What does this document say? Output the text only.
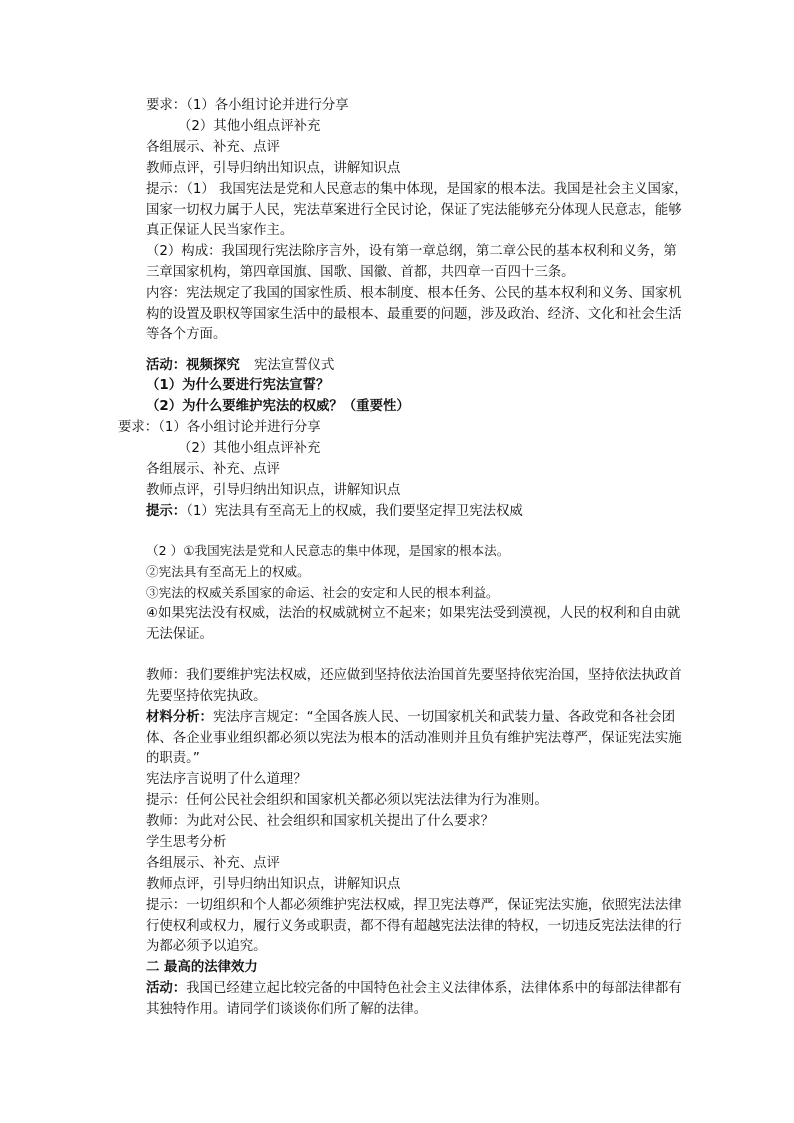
要求：（1）各小组讨论并进行分享
（2）其他小组点评补充
各组展示、补充、点评
教师点评，引导归纳出知识点，讲解知识点
提示：（1） 我国宪法是党和人民意志的集中体现，是国家的根本法。我国是社会主义国家，国家一切权力属于人民，宪法草案进行全民讨论，保证了宪法能够充分体现人民意志，能够真正保证人民当家作主。
（2）构成：我国现行宪法除序言外，设有第一章总纲，第二章公民的基本权利和义务，第三章国家机构，第四章国旗、国歌、国徽、首都，共四章一百四十三条。
内容：宪法规定了我国的国家性质、根本制度、根本任务、公民的基本权利和义务、国家机构的设置及职权等国家生活中的最根本、最重要的问题，涉及政治、经济、文化和社会生活等各个方面。
活动：视频探究 宪法宣誓仪式
（1）为什么要进行宪法宣誓？
（2）为什么要维护宪法的权威？（重要性）
要求：（1）各小组讨论并进行分享
（2）其他小组点评补充
各组展示、补充、点评
教师点评，引导归纳出知识点，讲解知识点
提示：（1）宪法具有至高无上的权威，我们要坚定捍卫宪法权威
（2 ）①我国宪法是党和人民意志的集中体现，是国家的根本法。
②宪法具有至高无上的权威。
③宪法的权威关系国家的命运、社会的安定和人民的根本利益。
④如果宪法没有权威，法治的权威就树立不起来；如果宪法受到漠视，人民的权利和自由就无法保证。
教师：我们要维护宪法权威，还应做到坚持依法治国首先要坚持依宪治国，坚持依法执政首先要坚持依宪执政。
材料分析：宪法序言规定：“全国各族人民、一切国家机关和武装力量、各政党和各社会团体、各企业事业组织都必须以宪法为根本的活动准则并且负有维护宪法尊严，保证宪法实施的职责。”
宪法序言说明了什么道理？
提示：任何公民社会组织和国家机关都必须以宪法法律为行为准则。
教师：为此对公民、社会组织和国家机关提出了什么要求？
学生思考分析
各组展示、补充、点评
教师点评，引导归纳出知识点，讲解知识点
提示：一切组织和个人都必须维护宪法权威，捍卫宪法尊严，保证宪法实施，依照宪法法律行使权利或权力，履行义务或职责，都不得有超越宪法法律的特权，一切违反宪法法律的行为都必须予以追究。
二 最高的法律效力
活动：我国已经建立起比较完备的中国特色社会主义法律体系，法律体系中的每部法律都有其独特作用。请同学们谈谈你们所了解的法律。
